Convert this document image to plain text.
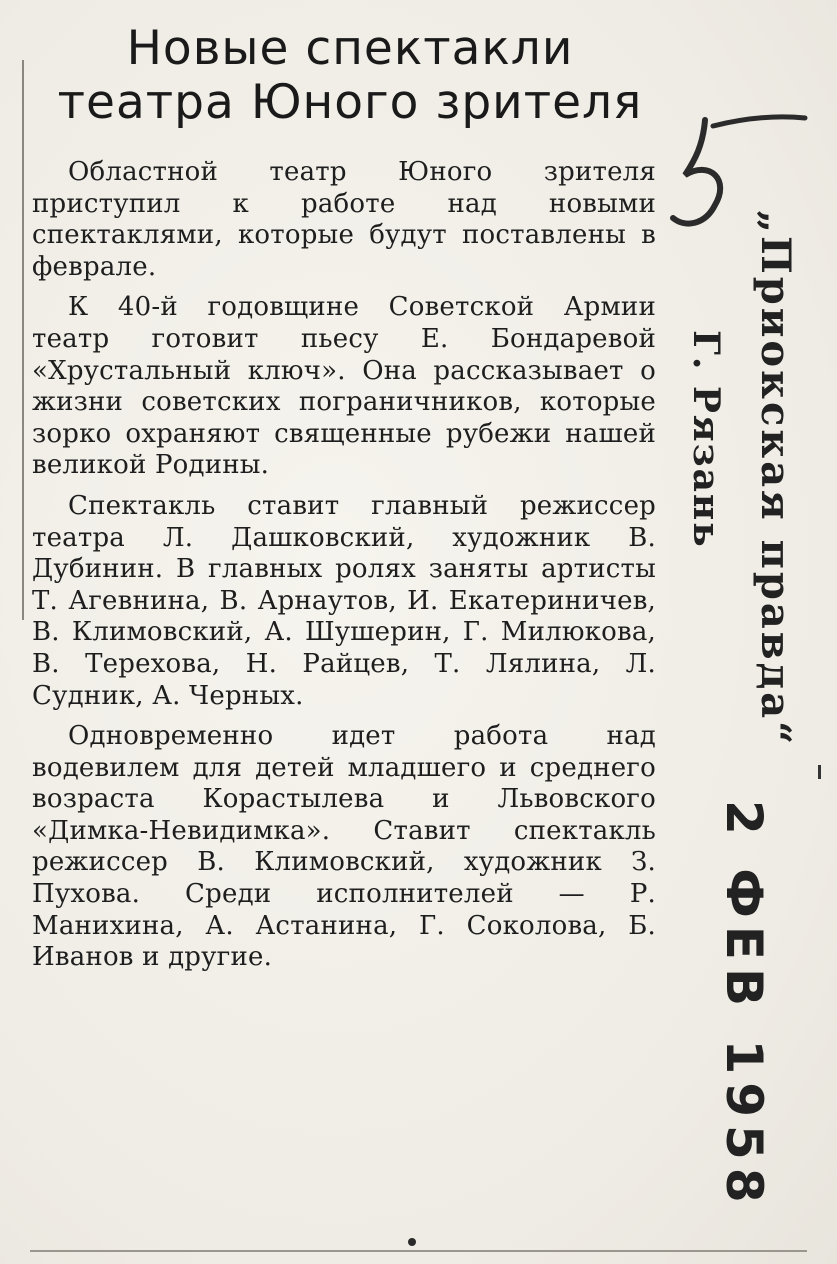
Новые спектакли
театра Юного зрителя

Областной театр Юного зрителя приступил к работе над новыми спектаклями, которые будут поставлены в феврале.

К 40-й годовщине Советской Армии театр готовит пьесу Е. Бондаревой «Хрустальный ключ». Она рассказывает о жизни советских пограничников, которые зорко охраняют священные рубежи нашей великой Родины.

Спектакль ставит главный режиссер театра Л. Дашковский, художник В. Дубинин. В главных ролях заняты артисты Т. Агевнина, В. Арнаутов, И. Екатериничев, В. Климовский, А. Шушерин, Г. Милюкова, В. Терехова, Н. Райцев, Т. Лялина, Л. Судник, А. Черных.

Одновременно идет работа над водевилем для детей младшего и среднего возраста Корастылева и Львовского «Димка-Невидимка». Ставит спектакль режиссер В. Климовский, художник З. Пухова. Среди исполнителей — Р. Манихина, А. Астанина, Г. Соколова, Б. Иванов и другие.

„Приокская правда“
Г. Рязань
2 ФЕВ 1958
